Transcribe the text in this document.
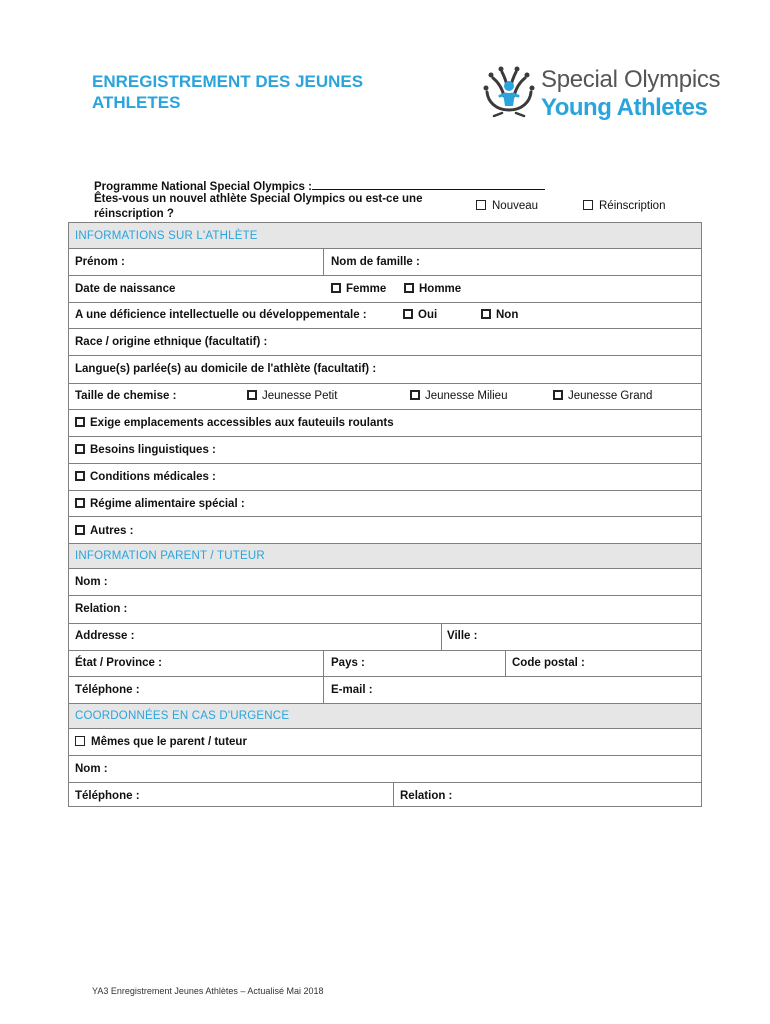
ENREGISTREMENT DES JEUNES
ATHLETES
Special Olympics
Young Athletes
Programme National Special Olympics :
Êtes-vous un nouvel athlète Special Olympics ou est-ce une
réinscription ?
Nouveau	Réinscription
INFORMATIONS SUR L'ATHLÈTE
INFORMATION PARENT / TUTEUR
COORDONNÉES EN CAS D'URGENCE
Prénom :	Nom de famille :
Date de naissance	Femme	Homme
A une déficience intellectuelle ou développementale :	Oui	Non
Race / origine ethnique (facultatif) :
Langue(s) parlée(s) au domicile de l'athlète (facultatif) :
Taille de chemise :	Jeunesse Petit	Jeunesse Milieu	Jeunesse Grand
Exige emplacements accessibles aux fauteuils roulants
Besoins linguistiques :
Conditions médicales :
Régime alimentaire spécial :
Autres :
Nom :
Relation :
Addresse :	Ville :
État / Province :	Pays :	Code postal :
Téléphone :	E-mail :
Mêmes que le parent / tuteur
Nom :
Téléphone :	Relation :
YA3 Enregistrement Jeunes Athlètes – Actualisé Mai 2018
